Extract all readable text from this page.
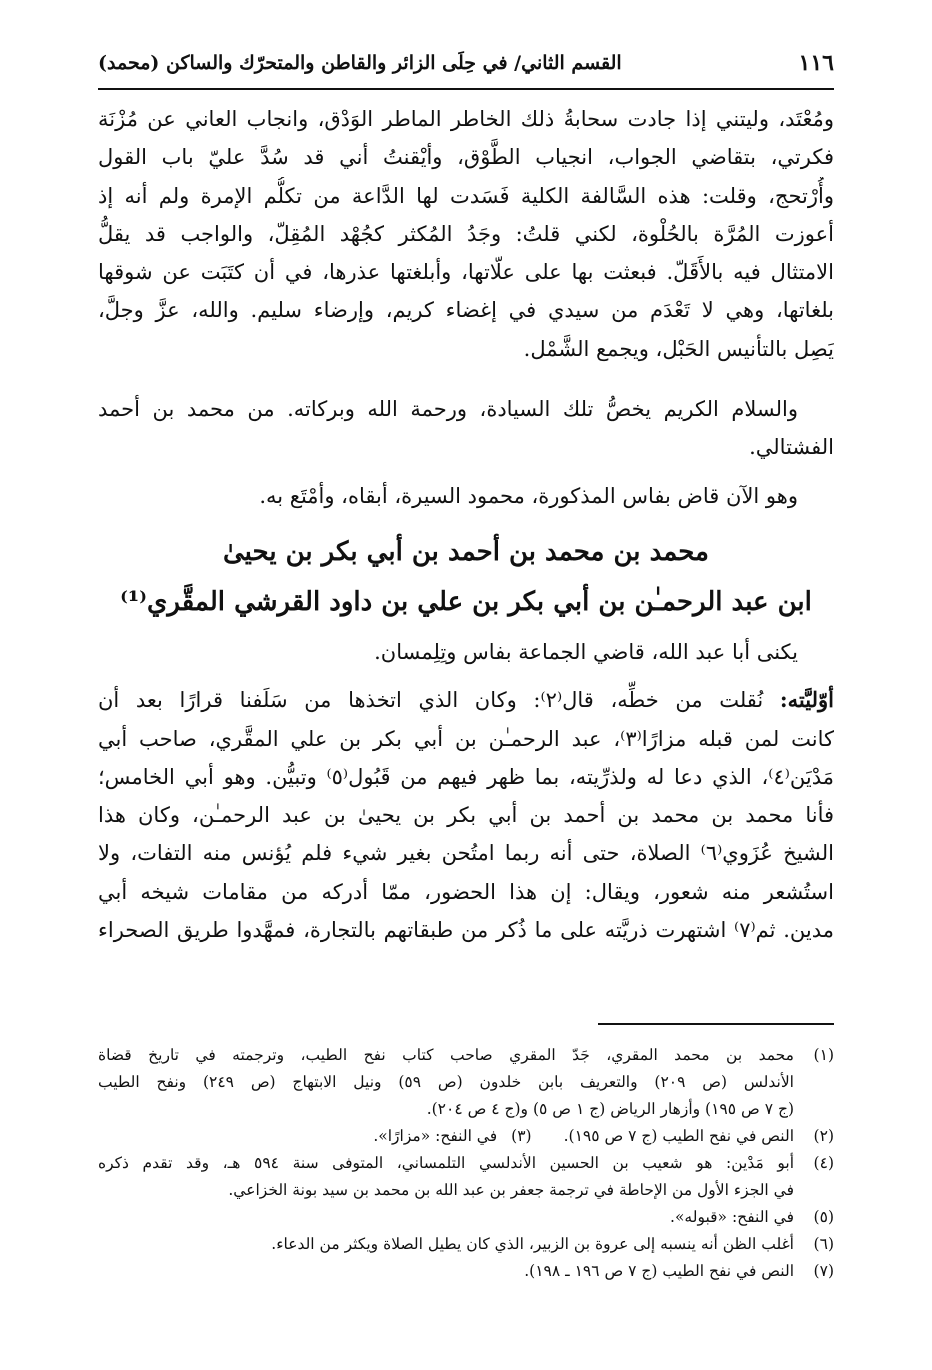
١١٦
القسم الثاني/ في حِلَى الزائر والقاطن والمتحرّك والساكن (محمد)
ومُعْتَد، وليتني إذا جادت سحابةُ ذلك الخاطر الماطر الوَدْق، وانجاب العاني عن مُزْنَة
فكرتي، بتقاضي الجواب، انجياب الطَّوْق، وأيْقنتُ أني قد سُدَّ عليّ باب القول
وأُرْتحج، وقلت: هذه السَّالفة الكلية فَسَدت لها الدَّاعة من تكلُّم الإمرة ولم أنه إذ
أعوزت المُرَّة بالحُلْوة، لكني قلتُ: وجَدُ المُكثر كجُهْد المُقِلّ، والواجب قد يقلُّ
الامتثال فيه بالأَقَلّ. فبعثت بها على علّاتها، وأبلغتها عذرها، في أن كتَبَت عن شوقها
بلغاتها، وهي لا تَعْدَم من سيدي في إغضاء كريم، وإرضاء سليم. والله، عزَّ وجلَّ،
يَصِل بالتأنيس الحَبْل، ويجمع الشَّمْل.
والسلام الكريم يخصُّ تلك السيادة، ورحمة الله وبركاته. من محمد بن أحمد
الفشتالي.
وهو الآن قاض بفاس المذكورة، محمود السيرة، أبقاه، وأمْتَع به.
محمد بن محمد بن أحمد بن أبي بكر بن يحيىٰ
ابن عبد الرحمـٰن بن أبي بكر بن علي بن داود القرشي المقَّري⁽¹⁾
يكنى أبا عبد الله، قاضي الجماعة بفاس وتِلِمسان.
أوّليَّته: نُقلت من خطِّه، قال⁽٢⁾: وكان الذي اتخذها من سَلَفنا قرارًا بعد أن
كانت لمن قبله مزارًا⁽٣⁾، عبد الرحمـٰن بن أبي بكر بن علي المقَّري، صاحب أبي
مَدْيَن⁽٤⁾، الذي دعا له ولذرِّيته، بما ظهر فيهم من قَبُول⁽٥⁾ وتبيُّن. وهو أبي الخامس؛
فأنا محمد بن محمد بن أحمد بن أبي بكر بن يحيىٰ بن عبد الرحمـٰن، وكان هذا
الشيخ عُزَوي⁽٦⁾ الصلاة، حتى أنه ربما امتُحن بغير شيء فلم يُؤنس منه التفات، ولا
استُشعر منه شعور، ويقال: إن هذا الحضور، ممّا أدركه من مقامات شيخه أبي
مدين. ثم⁽٧⁾ اشتهرت ذريَّته على ما ذُكر من طبقاتهم بالتجارة، فمهَّدوا طريق الصحراء
(١)
محمد بن محمد المقري، جَدّ المقري صاحب كتاب نفح الطيب، وترجمته في تاريخ قضاة
الأندلس (ص ٢٠٩) والتعريف بابن خلدون (ص ٥٩) ونيل الابتهاج (ص ٢٤٩) ونفح الطيب
(ج ٧ ص ١٩٥) وأزهار الرياض (ج ١ ص ٥) و(ج ٤ ص ٢٠٤).
(٢)
النص في نفح الطيب (ج ٧ ص ١٩٥).
(٣)
في النفح: «مزارًا».
(٤)
أبو مَدْين: هو شعيب بن الحسين الأندلسي التلمساني، المتوفى سنة ٥٩٤ هـ، وقد تقدم ذكره
في الجزء الأول من الإحاطة في ترجمة جعفر بن عبد الله بن محمد بن سيد بونة الخزاعي.
(٥)
في النفح: «قبوله».
(٦)
أغلب الظن أنه ينسبه إلى عروة بن الزبير، الذي كان يطيل الصلاة ويكثر من الدعاء.
(٧)
النص في نفح الطيب (ج ٧ ص ١٩٦ ـ ١٩٨).
